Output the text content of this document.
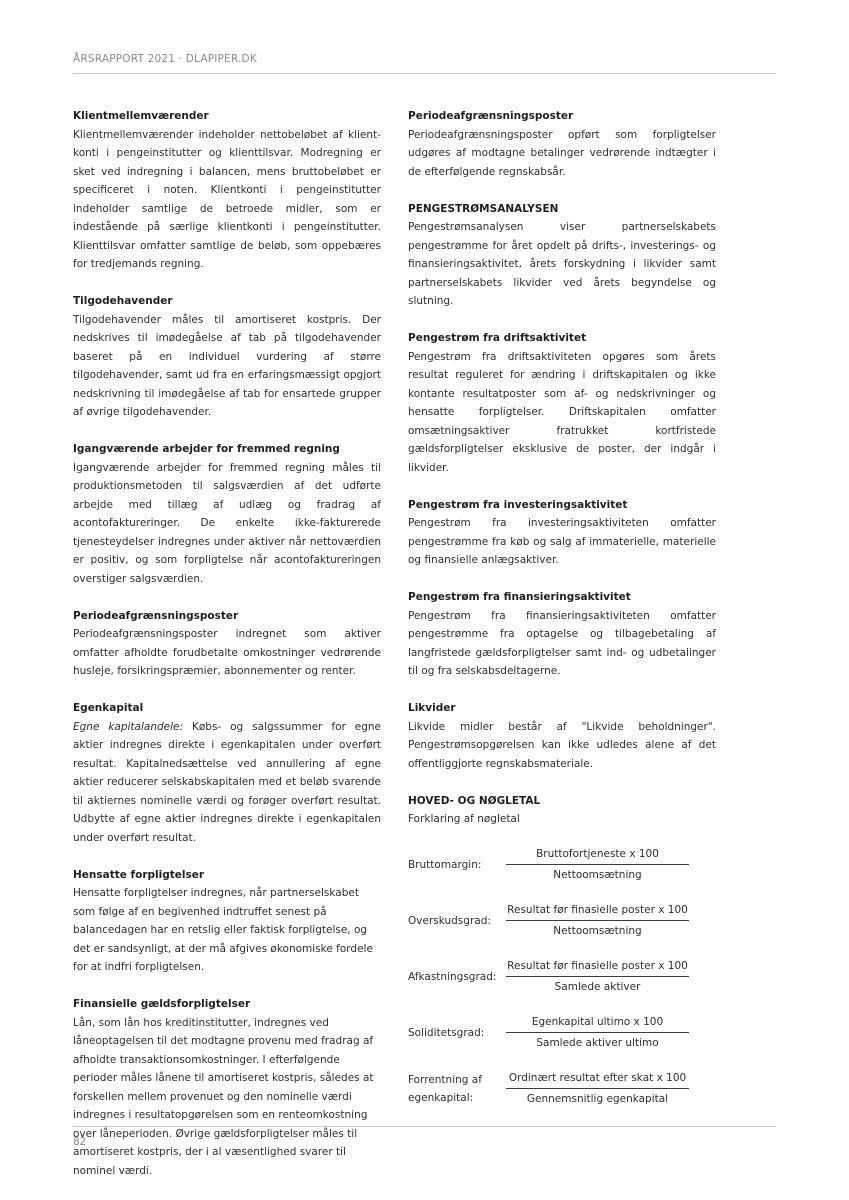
ÅRSRAPPORT 2021 · DLAPIPER.DK
Klientmellemværender

Klientmellemværender indeholder nettobeløbet af klient-konti i pengeinstitutter og klienttilsvar. Modregning er sket ved indregning i balancen, mens bruttobeløbet er specificeret i noten. Klientkonti i pengeinstitutter indeholder samtlige de betroede midler, som er indestående på særlige klientkonti i pengeinstitutter. Klienttilsvar omfatter samtlige de beløb, som oppebæres for tredjemands regning.

Tilgodehavender

Tilgodehavender måles til amortiseret kostpris. Der nedskrives til imødegåelse af tab på tilgodehavender baseret på en individuel vurdering af større tilgodehavender, samt ud fra en erfaringsmæssigt opgjort nedskrivning til imødegåelse af tab for ensartede grupper af øvrige tilgodehavender.

Igangværende arbejder for fremmed regning

Igangværende arbejder for fremmed regning måles til produktionsmetoden til salgsværdien af det udførte arbejde med tillæg af udlæg og fradrag af acontofaktureringer. De enkelte ikke-fakturerede tjenesteydelser indregnes under aktiver når nettoværdien er positiv, og som forpligtelse når acontofaktureringen overstiger salgsværdien.

Periodeafgrænsningsposter

Periodeafgrænsningsposter indregnet som aktiver omfatter afholdte forudbetalte omkostninger vedrørende husleje, forsikringspræmier, abonnementer og renter.

Egenkapital

Egne kapitalandele: Købs- og salgssummer for egne aktier indregnes direkte i egenkapitalen under overført resultat. Kapitalnedsættelse ved annullering af egne aktier reducerer selskabskapitalen med et beløb svarende til aktiernes nominelle værdi og forøger overført resultat. Udbytte af egne aktier indregnes direkte i egenkapitalen under overført resultat.

Hensatte forpligtelser

Hensatte forpligtelser indregnes, når partnerselskabet som følge af en begivenhed indtruffet senest på balancedagen har en retslig eller faktisk forpligtelse, og det er sandsynligt, at der må afgives økonomiske fordele for at indfri forpligtelsen.

Finansielle gældsforpligtelser

Lån, som lån hos kreditinstitutter, indregnes ved låneoptagelsen til det modtagne provenu med fradrag af afholdte transaktionsomkostninger. I efterfølgende perioder måles lånene til amortiseret kostpris, således at forskellen mellem provenuet og den nominelle værdi indregnes i resultatopgørelsen som en renteomkostning over låneperioden. Øvrige gældsforpligtelser måles til amortiseret kostpris, der i al væsentlighed svarer til nominel værdi.

Periodeafgrænsningsposter

Periodeafgrænsningsposter opført som forpligtelser udgøres af modtagne betalinger vedrørende indtægter i de efterfølgende regnskabsår.

PENGESTRØMSANALYSEN

Pengestrømsanalysen viser partnerselskabets pengestrømme for året opdelt på drifts-, investerings- og finansieringsaktivitet, årets forskydning i likvider samt partnerselskabets likvider ved årets begyndelse og slutning.

Pengestrøm fra driftsaktivitet

Pengestrøm fra driftsaktiviteten opgøres som årets resultat reguleret for ændring i driftskapitalen og ikke kontante resultatposter som af- og nedskrivninger og hensatte forpligtelser. Driftskapitalen omfatter omsætningsaktiver fratrukket kortfristede gældsforpligtelser eksklusive de poster, der indgår i likvider.

Pengestrøm fra investeringsaktivitet

Pengestrøm fra investeringsaktiviteten omfatter pengestrømme fra køb og salg af immaterielle, materielle og finansielle anlægsaktiver.

Pengestrøm fra finansieringsaktivitet

Pengestrøm fra finansieringsaktiviteten omfatter pengestrømme fra optagelse og tilbagebetaling af langfristede gældsforpligtelser samt ind- og udbetalinger til og fra selskabsdeltagerne.

Likvider

Likvide midler består af "Likvide beholdninger". Pengestrømsopgørelsen kan ikke udledes alene af det offentliggjorte regnskabsmateriale.

HOVED- OG NØGLETAL

Forklaring af nøgletal

Bruttomargin:	$\frac{\text{Bruttofortjeneste x 100}}{\text{Nettoomsætning}}$
Overskudsgrad:	$\frac{\text{Resultat før finasielle poster x 100}}{\text{Nettoomsætning}}$
Afkastningsgrad: $\frac{\text{Resultat før finasielle poster x 100}}{\text{Samlede aktiver}}$
Soliditetsgrad:	$\frac{\text{Egenkapital ultimo x 100}}{\text{Samlede aktiver ultimo}}$
Forrentning af egenkapital:	$\frac{\text{Ordinært resultat efter skat x 100}}{\text{Gennemsnitlig egenkapital}}$
82
